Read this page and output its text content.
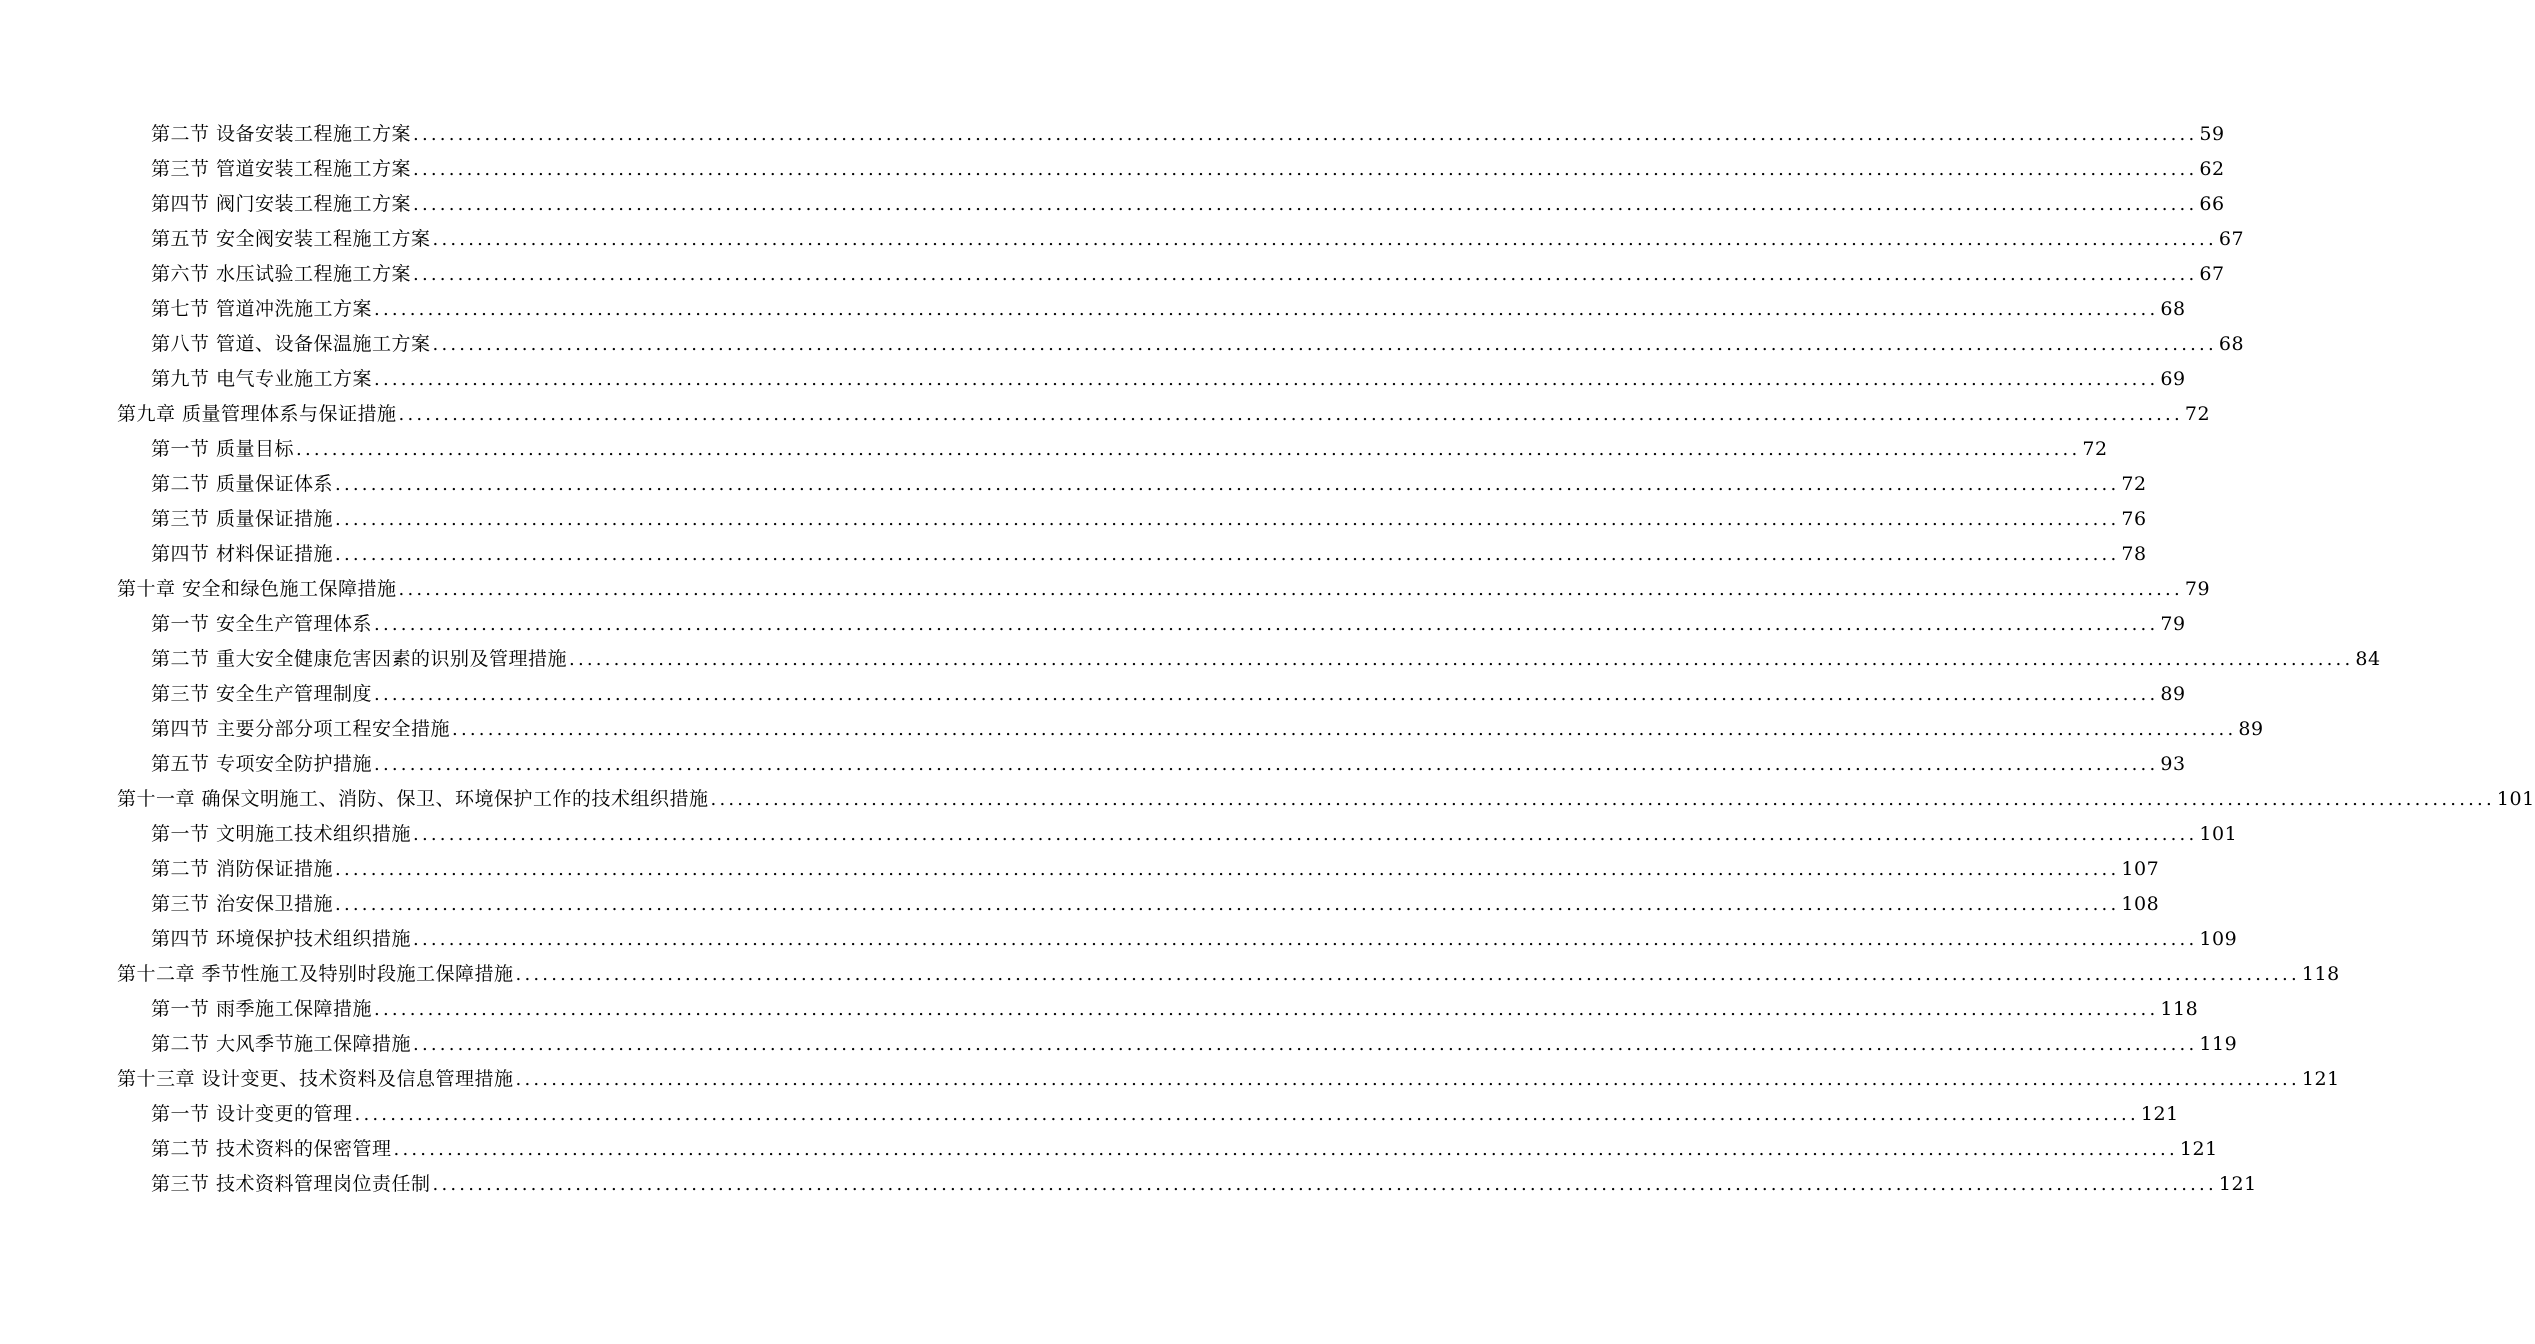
第二节 设备安装工程施工方案 ........................................................................................................................................................................................................ 59
第三节 管道安装工程施工方案 ........................................................................................................................................................................................................ 62
第四节 阀门安装工程施工方案 ........................................................................................................................................................................................................ 66
第五节 安全阀安装工程施工方案 ........................................................................................................................................................................................................ 67
第六节 水压试验工程施工方案 ........................................................................................................................................................................................................ 67
第七节 管道冲洗施工方案 ........................................................................................................................................................................................................ 68
第八节 管道、设备保温施工方案 ........................................................................................................................................................................................................ 68
第九节 电气专业施工方案 ........................................................................................................................................................................................................ 69
第九章 质量管理体系与保证措施 ........................................................................................................................................................................................................ 72
第一节 质量目标 ........................................................................................................................................................................................................ 72
第二节 质量保证体系 ........................................................................................................................................................................................................ 72
第三节 质量保证措施 ........................................................................................................................................................................................................ 76
第四节 材料保证措施 ........................................................................................................................................................................................................ 78
第十章 安全和绿色施工保障措施 ........................................................................................................................................................................................................ 79
第一节 安全生产管理体系 ........................................................................................................................................................................................................ 79
第二节 重大安全健康危害因素的识别及管理措施 ........................................................................................................................................................................................................ 84
第三节 安全生产管理制度 ........................................................................................................................................................................................................ 89
第四节 主要分部分项工程安全措施 ........................................................................................................................................................................................................ 89
第五节 专项安全防护措施 ........................................................................................................................................................................................................ 93
第十一章 确保文明施工、消防、保卫、环境保护工作的技术组织措施 ........................................................................................................................................................................................................ 101
第一节 文明施工技术组织措施 ........................................................................................................................................................................................................ 101
第二节 消防保证措施 ........................................................................................................................................................................................................ 107
第三节 治安保卫措施 ........................................................................................................................................................................................................ 108
第四节 环境保护技术组织措施 ........................................................................................................................................................................................................ 109
第十二章 季节性施工及特别时段施工保障措施 ........................................................................................................................................................................................................ 118
第一节 雨季施工保障措施 ........................................................................................................................................................................................................ 118
第二节 大风季节施工保障措施 ........................................................................................................................................................................................................ 119
第十三章 设计变更、技术资料及信息管理措施 ........................................................................................................................................................................................................ 121
第一节 设计变更的管理 ........................................................................................................................................................................................................ 121
第二节 技术资料的保密管理 ........................................................................................................................................................................................................ 121
第三节 技术资料管理岗位责任制 ........................................................................................................................................................................................................ 121
